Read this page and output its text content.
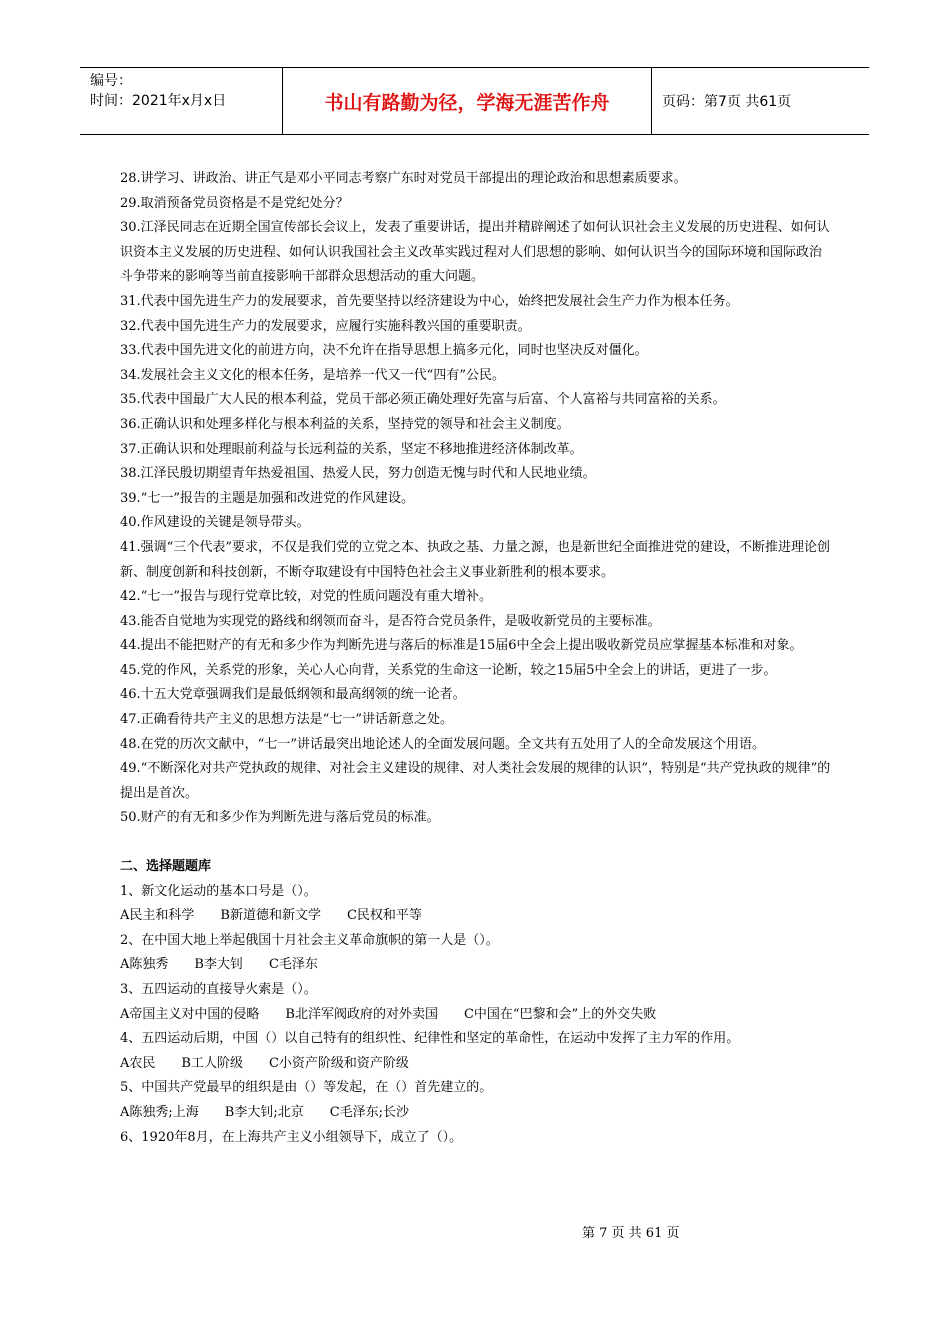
编号：
时间：2021年x月x日	书山有路勤为径，学海无涯苦作舟	页码：第7页 共61页

28.讲学习、讲政治、讲正气是邓小平同志考察广东时对党员干部提出的理论政治和思想素质要求。

29.取消预备党员资格是不是党纪处分？

30.江泽民同志在近期全国宣传部长会议上，发表了重要讲话，提出并精辟阐述了如何认识社会主义发展的历史进程、如何认识资本主义发展的历史进程、如何认识我国社会主义改革实践过程对人们思想的影响、如何认识当今的国际环境和国际政治斗争带来的影响等当前直接影响干部群众思想活动的重大问题。

31.代表中国先进生产力的发展要求，首先要坚持以经济建设为中心，始终把发展社会生产力作为根本任务。

32.代表中国先进生产力的发展要求，应履行实施科教兴国的重要职责。

33.代表中国先进文化的前进方向，决不允许在指导思想上搞多元化，同时也坚决反对僵化。

34.发展社会主义文化的根本任务，是培养一代又一代“四有”公民。

35.代表中国最广大人民的根本利益，党员干部必须正确处理好先富与后富、个人富裕与共同富裕的关系。

36.正确认识和处理多样化与根本利益的关系，坚持党的领导和社会主义制度。

37.正确认识和处理眼前利益与长远利益的关系，坚定不移地推进经济体制改革。

38.江泽民殷切期望青年热爱祖国、热爱人民，努力创造无愧与时代和人民地业绩。

39.“七一”报告的主题是加强和改进党的作风建设。

40.作风建设的关键是领导带头。

41.强调“三个代表”要求，不仅是我们党的立党之本、执政之基、力量之源，也是新世纪全面推进党的建设，不断推进理论创新、制度创新和科技创新，不断夺取建设有中国特色社会主义事业新胜利的根本要求。

42.“七一”报告与现行党章比较，对党的性质问题没有重大增补。

43.能否自觉地为实现党的路线和纲领而奋斗，是否符合党员条件，是吸收新党员的主要标准。

44.提出不能把财产的有无和多少作为判断先进与落后的标准是15届6中全会上提出吸收新党员应掌握基本标准和对象。

45.党的作风，关系党的形象，关心人心向背，关系党的生命这一论断，较之15届5中全会上的讲话，更进了一步。

46.十五大党章强调我们是最低纲领和最高纲领的统一论者。

47.正确看待共产主义的思想方法是“七一”讲话新意之处。

48.在党的历次文献中，“七一”讲话最突出地论述人的全面发展问题。全文共有五处用了人的全命发展这个用语。

49.“不断深化对共产党执政的规律、对社会主义建设的规律、对人类社会发展的规律的认识”，特别是“共产党执政的规律”的提出是首次。

50.财产的有无和多少作为判断先进与落后党员的标准。

二、选择题题库

1、新文化运动的基本口号是（）。

A民主和科学 B新道德和新文学 C民权和平等

2、在中国大地上举起俄国十月社会主义革命旗帜的第一人是（）。

A陈独秀 B李大钊 C毛泽东

3、五四运动的直接导火索是（）。

A帝国主义对中国的侵略 B北洋军阀政府的对外卖国 C中国在“巴黎和会”上的外交失败

4、五四运动后期，中国（）以自己特有的组织性、纪律性和坚定的革命性，在运动中发挥了主力军的作用。

A农民 B工人阶级 C小资产阶级和资产阶级

5、中国共产党最早的组织是由（）等发起，在（）首先建立的。

A陈独秀;上海 B李大钊;北京 C毛泽东;长沙

6、1920年8月，在上海共产主义小组领导下，成立了（）。

第 7 页 共 61 页
